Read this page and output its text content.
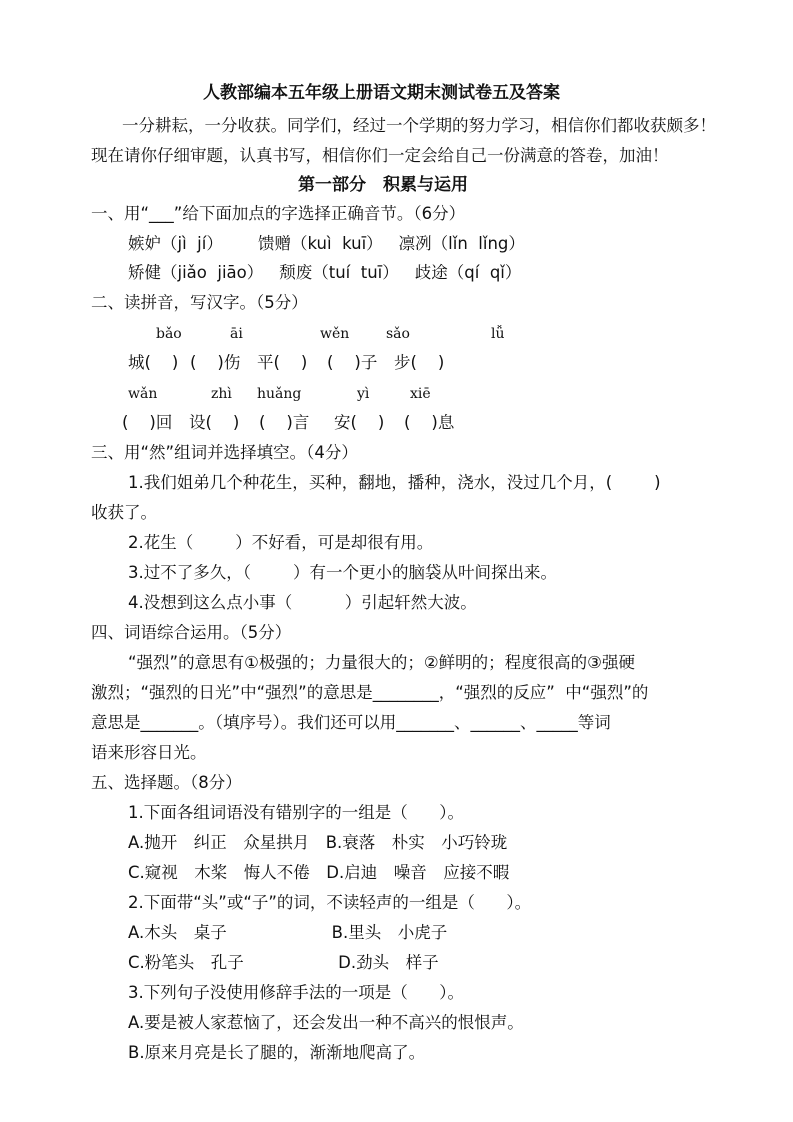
人教部编本五年级上册语文期末测试卷五及答案
一分耕耘，一分收获。同学们，经过一个学期的努力学习，相信你们都收获颇多！
现在请你仔细审题，认真书写，相信你们一定会给自己一份满意的答卷，加油！
第一部分　积累与运用
一、用“___”给下面加点的字选择正确音节。（6分）
嫉妒（jì  jí）	馈赠（kuì  kuī） 凛冽（lǐn  lǐng）
矫健（jiǎo  jiāo） 颓废（tuí  tuī） 歧途（qí  qǐ）
二、读拼音，写汉字。（5分）
bǎo	āi	wěn	sǎo	lǚ
城(    ) (    )伤	平(    )	(    )子	步(    )
wǎn	zhì	huǎng	yì	xiē
(    )回	设(    )	(    )言	安(    )	(    )息
三、用“然”组词并选择填空。（4分）
1.我们姐弟几个种花生，买种，翻地，播种，浇水，没过几个月，(        )
收获了。
2.花生（        ）不好看，可是却很有用。
3.过不了多久，（        ）有一个更小的脑袋从叶间探出来。
4.没想到这么点小事（          ）引起轩然大波。
四、词语综合运用。（5分）
“强烈”的意思有①极强的；力量很大的；②鲜明的；程度很高的③强硬
激烈；“强烈的日光”中“强烈”的意思是________，“强烈的反应”  中“强烈”的
意思是_______。（填序号）。我们还可以用_______、______、_____等词
语来形容日光。
五、选择题。（8分）
1.下面各组词语没有错别字的一组是（      ）。
A.抛开　纠正　众星拱月　B.衰落　朴实　小巧铃珑
C.窥视　木桨　悔人不倦　D.启迪　噪音　应接不暇
2.下面带“头”或“子”的词，不读轻声的一组是（      ）。
A.木头　桌子                    B.里头　小虎子
C.粉笔头　孔子                  D.劲头　样子
3.下列句子没使用修辞手法的一项是（      ）。
A.要是被人家惹恼了，还会发出一种不高兴的恨恨声。
B.原来月亮是长了腿的，渐渐地爬高了。
